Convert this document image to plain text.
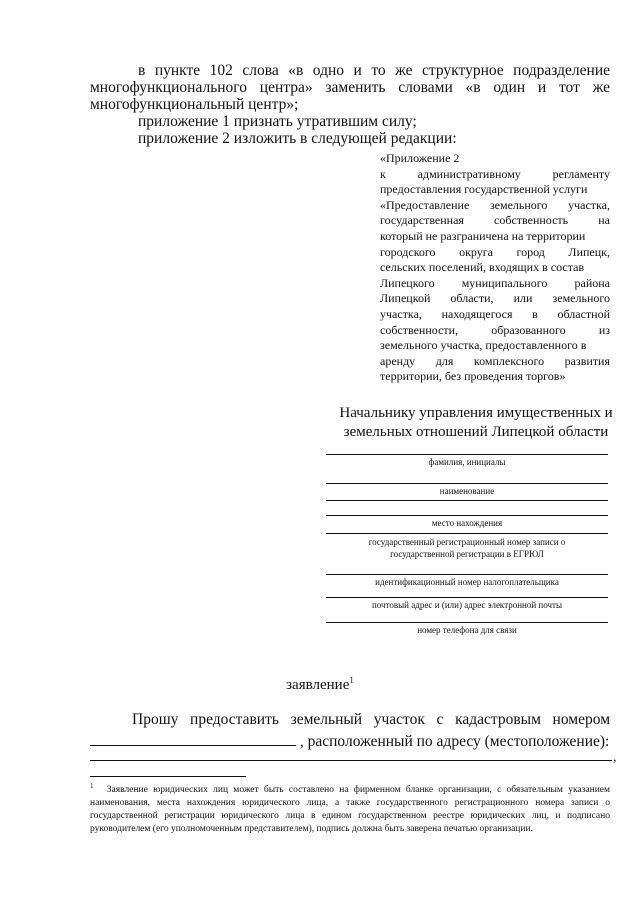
в пункте 102 слова «в одно и то же структурное подразделение
многофункционального центра» заменить словами «в один и тот же
многофункциональный центр»;
приложение 1 признать утратившим силу;
приложение 2 изложить в следующей редакции:
«Приложение 2
к административному регламенту
предоставления государственной услуги
«Предоставление земельного участка,
государственная собственность на
который не разграничена на территории
городского округа город Липецк,
сельских поселений, входящих в состав
Липецкого муниципального района
Липецкой области, или земельного
участка, находящегося в областной
собственности, образованного из
земельного участка, предоставленного в
аренду для комплексного развития
территории, без проведения торгов»
Начальнику управления имущественных и
земельных отношений Липецкой области
фамилия, инициалы
наименование
место нахождения
государственный регистрационный номер записи о
государственной регистрации в ЕГРЮЛ
идентификационный номер налогоплательщика
почтовый адрес и (или) адрес электронной почты
номер телефона для связи
заявление$^1$
Прошу предоставить земельный участок с кадастровым номером
, расположенный по адресу (местоположение):
,
$^1$ Заявление юридических лиц может быть составлено на фирменном бланке организации, с обязательным указанием наименования, места нахождения юридического лица, а также государственного регистрационного номера записи о государственной регистрации юридического лица в едином государственном реестре юридических лиц, и подписано руководителем (его уполномоченным представителем), подпись должна быть заверена печатью организации.
